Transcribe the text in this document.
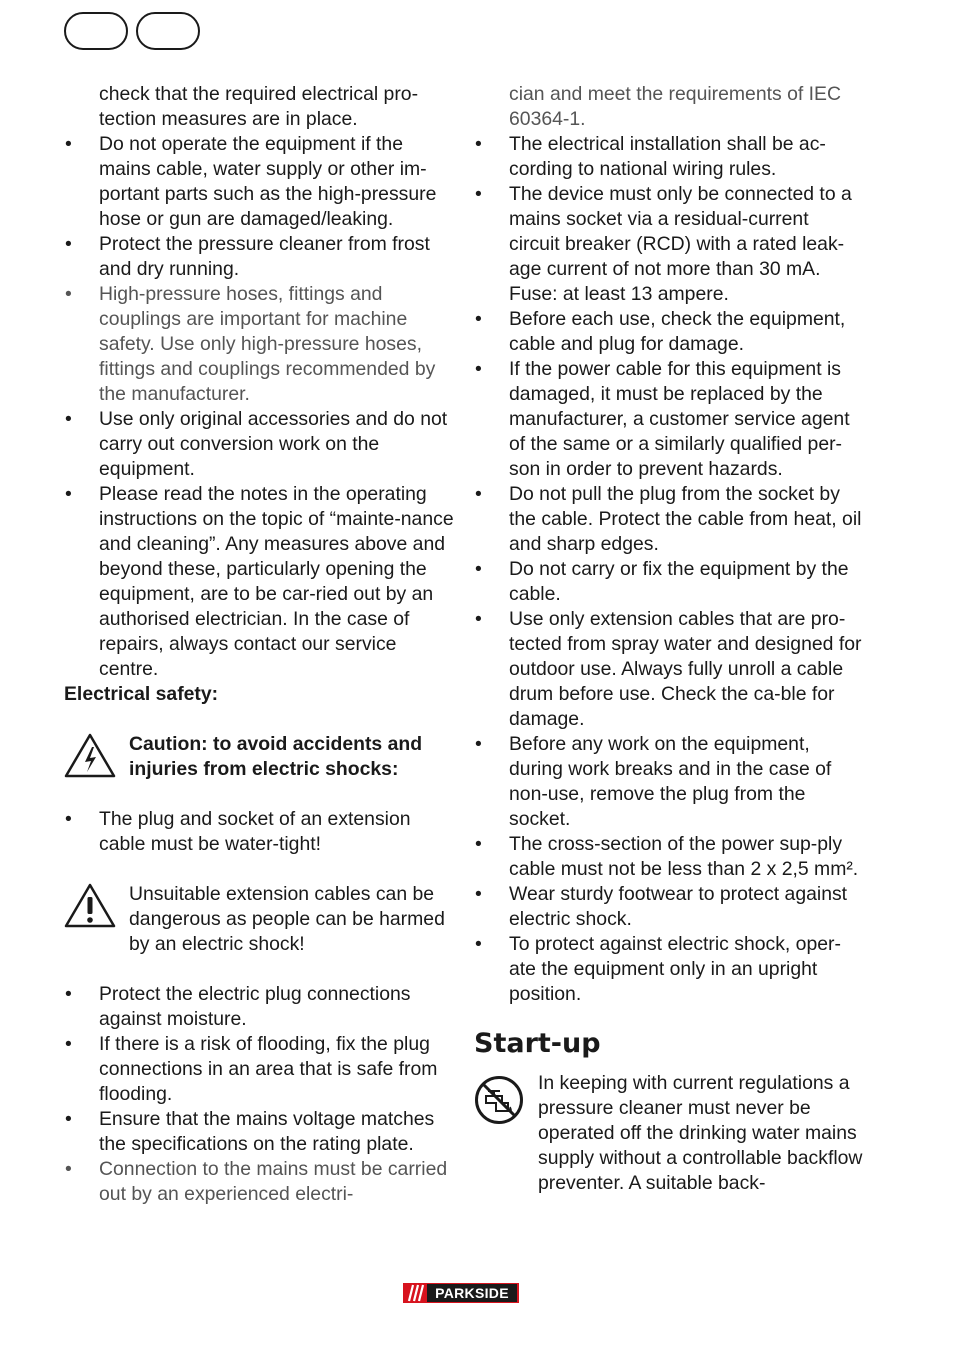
check that the required electrical pro- tection measures are in place.

• Do not operate the equipment if the mains cable, water supply or other im-portant parts such as the high-pressure hose or gun are damaged/leaking.

• Protect the pressure cleaner from frost and dry running.

• High-pressure hoses, fittings and couplings are important for machine safety. Use only high-pressure hoses, fittings and couplings recommended by the manufacturer.

• Use only original accessories and do not carry out conversion work on the equipment.

• Please read the notes in the operating instructions on the topic of “mainte-nance and cleaning”. Any measures above and beyond these, particularly opening the equipment, are to be car-ried out by an authorised electrician. In the case of repairs, always contact our service centre.

Electrical safety:

Caution: to avoid accidents and injuries from electric shocks:

• The plug and socket of an extension cable must be water-tight!

Unsuitable extension cables can be dangerous as people can be harmed by an electric shock!

• Protect the electric plug connections against moisture.

• If there is a risk of flooding, fix the plug connections in an area that is safe from flooding.

• Ensure that the mains voltage matches the specifications on the rating plate.

• Connection to the mains must be carried out by an experienced electri-

cian and meet the requirements of IEC 60364-1.

• The electrical installation shall be ac-cording to national wiring rules.

• The device must only be connected to a mains socket via a residual-current circuit breaker (RCD) with a rated leak-age current of not more than 30 mA. Fuse: at least 13 ampere.

• Before each use, check the equipment, cable and plug for damage.

• If the power cable for this equipment is damaged, it must be replaced by the manufacturer, a customer service agent of the same or a similarly qualified per-son in order to prevent hazards.

• Do not pull the plug from the socket by the cable. Protect the cable from heat, oil and sharp edges.

• Do not carry or fix the equipment by the cable.

• Use only extension cables that are pro-tected from spray water and designed for outdoor use. Always fully unroll a cable drum before use. Check the ca-ble for damage.

• Before any work on the equipment, during work breaks and in the case of non-use, remove the plug from the socket.

• The cross-section of the power sup-ply cable must not be less than 2 x 2,5 mm².

• Wear sturdy footwear to protect against electric shock.

• To protect against electric shock, oper-ate the equipment only in an upright position.

Start-up

In keeping with current regulations a pressure cleaner must never be operated off the drinking water mains supply without a controllable backflow preventer. A suitable back-

PARKSIDE
